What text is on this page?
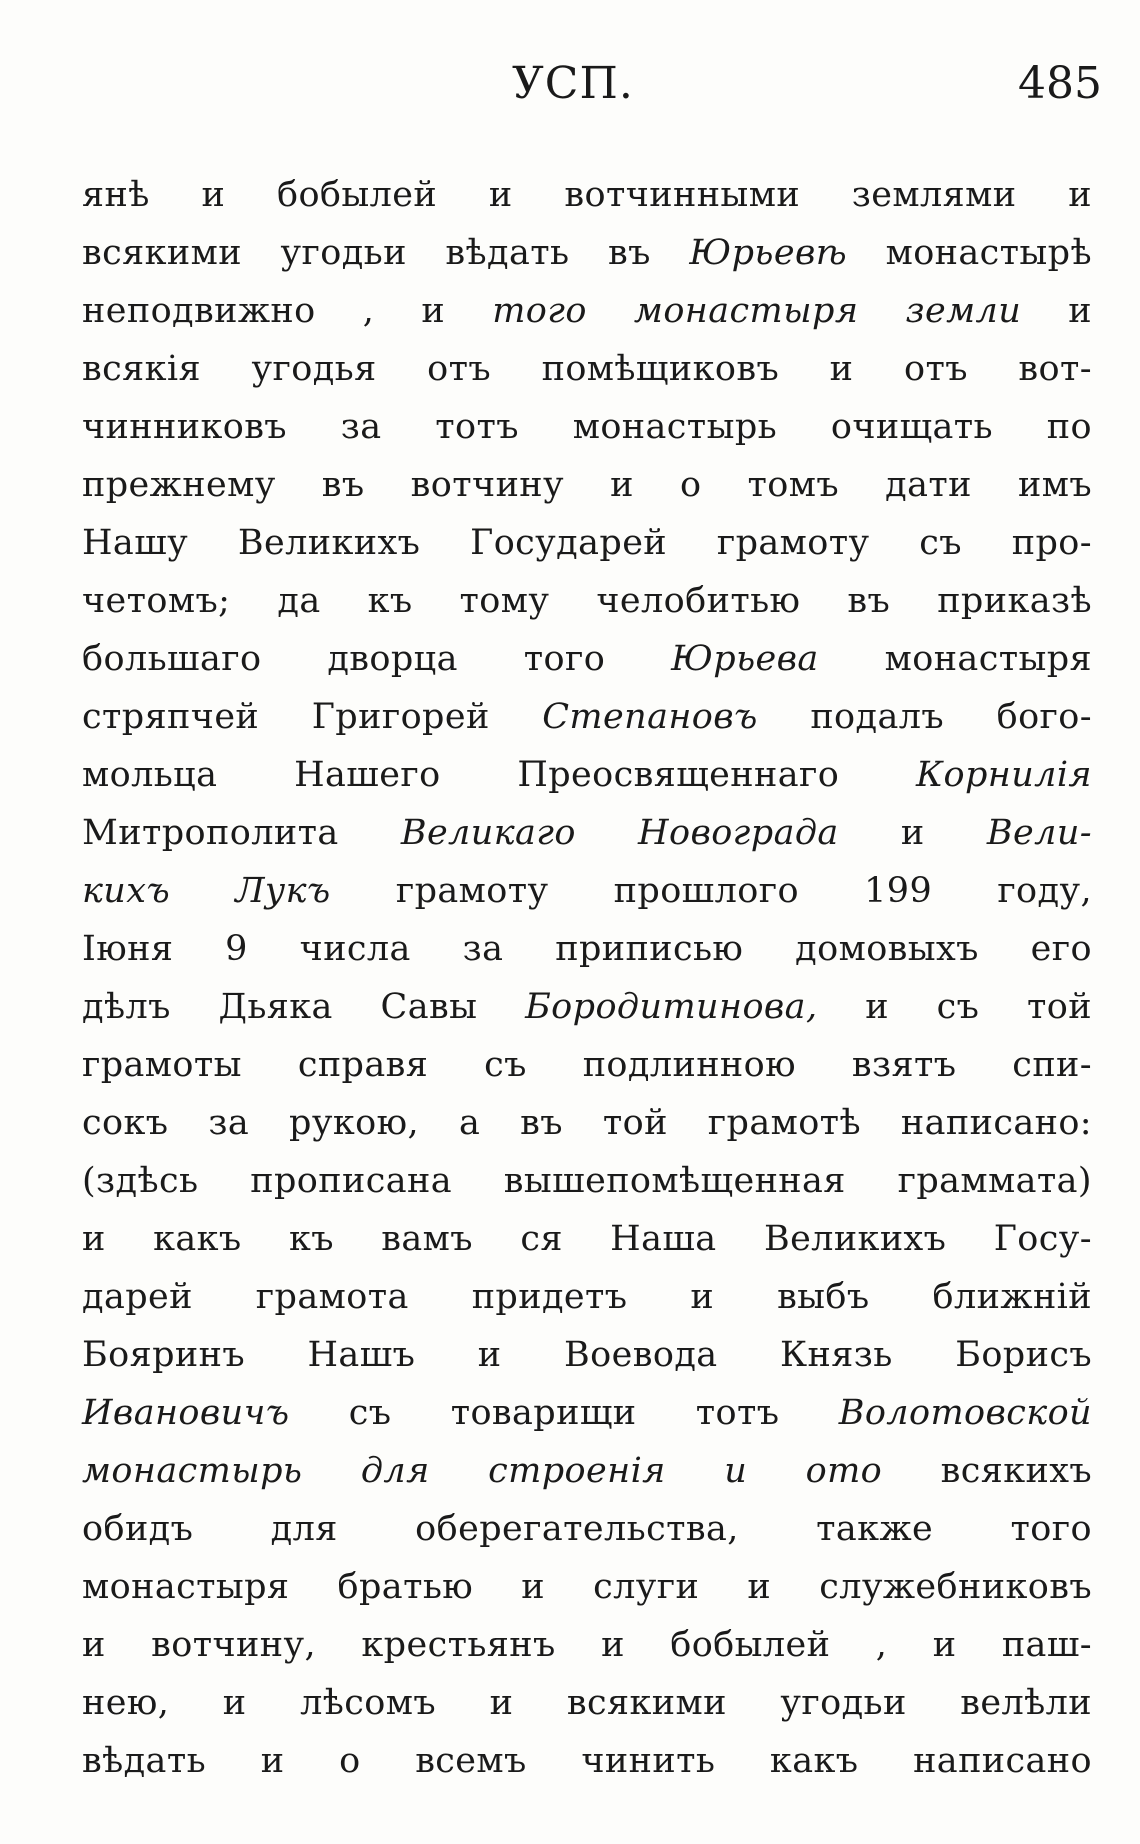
УСП.	485
янѣ и бобылей и вотчинными землями и
всякими угодьи вѣдать въ Юрьевѣ монастырѣ
неподвижно , и того монастыря земли и
всякія угодья отъ помѣщиковъ и отъ вот-
чинниковъ за тотъ монастырь очищать по
прежнему въ вотчину и о томъ дати имъ
Нашу Великихъ Государей грамоту съ про-
четомъ; да къ тому челобитью въ приказѣ
большаго дворца того Юрьева монастыря
стряпчей Григорей Степановъ подалъ бого-
мольца Нашего Преосвященнаго Корнилія
Митрополита Великаго Новограда и Вели-
кихъ Лукъ грамоту прошлого 199 году,
Іюня 9 числа за приписью домовыхъ его
дѣлъ Дьяка Савы Бородитинова, и съ той
грамоты справя съ подлинною взятъ спи-
сокъ за рукою, а въ той грамотѣ написано:
(здѣсь прописана вышепомѣщенная граммата)
и какъ къ вамъ ся Наша Великихъ Госу-
дарей грамота придетъ и выбъ ближній
Бояринъ Нашъ и Воевода Князь Борисъ
Ивановичъ съ товарищи тотъ Волотовской
монастырь для строенія и ото всякихъ
обидъ для оберегательства, также того
монастыря братью и слуги и служебниковъ
и вотчину, крестьянъ и бобылей , и паш-
нею, и лѣсомъ и всякими угодьи велѣли
вѣдать и о всемъ чинить какъ написано
